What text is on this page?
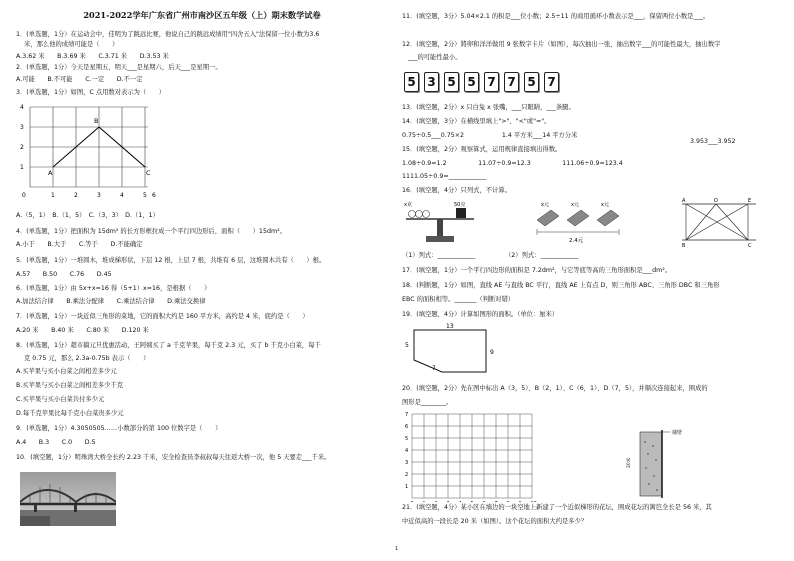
2021-2022学年广东省广州市南沙区五年级（上）期末数学试卷
1．(单选题，1分）在运动会中，佳明为了跳远比赛，他说自己的跳远成绩用"四舍五入"法保留一位小数为3.6
米，那么他的成绩可能是（　　）
A.3.62 米　　B.3.69 米　　C.3.71 米　　D.3.53 米
2．(单选题，1分）今天是星期五，明天___是星期六，后天___是星期一。
A.可能　　B.不可能　　C.一定　　D.不一定
3．(单选题，1分）如图，C 点用数对表示为（　　）
A
B
C
4
3
2
1
0	1	2	3	4	5 6
A.（5，1）　B.（1，5）　C.（3，3）　D.（1，1）
4．(单选题，1分）把面积为 15dm² 的长方形框拉成一个平行四边形后，面积（　　）15dm²。
A.小于　　B.大于　　C.等于　　D.不能确定
5．(单选题，1分）一堆圆木，堆成梯形状，下层 12 根，上层 7 根，共堆有 6 层，这堆圆木共有（　　）根。
A.57　　B.50　　C.76　　D.45
6．(单选题，1分）由 5x+x=16 得（5+1）x=16，是根据（　　）
A.加法结合律　　B.乘法分配律　　C.乘法结合律　　D.乘法交换律
7．(单选题，1分）一块近似三角形的菜地，它的面积大约是 160 平方米，高约是 4 米，底约是（　　）
A.20 米　　B.40 米　　C.80 米　　D.120 米
8．(单选题，1分）超市搞元旦优惠活动，王阿姨买了 a 千克苹果，每千克 2.3 元，买了 b 千克小白菜，每千
克 0.75 元，那么 2.3a-0.75b 表示（　　）
A.买苹果与买小白菜之间相差多少元
B.买苹果与买小白菜之间相差多少千克
C.买苹果与买小白菜共付多少元
D.每千克苹果比每千克小白菜贵多少元
9．(单选题，1分）4.3050505……小数部分的第 100 位数字是（　　）
A.4　　B.3　　C.0　　D.5
10．(填空题，1分）明珠湾大桥全长约 2.23 千米，安全检查员李叔叔每天往返大桥一次，他 5 天要走___千米。
11．(填空题，3分）5.04×2.1 的积是___位小数；2.5÷11 的商用循环小数表示是___，保留两位小数是___。
12．(填空题，2分）將卵和洋洋做用 9 张数字卡片（如图），每次抽出一张，抽出数字___的可能性最大，抽出数字
___的可能性最小。
5 3 5 5 7 7 5 7
13．(填空题，2分）x 只白兔 x 张嘴，___只眼睛，___条腿。
14．(填空题，3分）在横线里填上">"、"<"或"="。
0.75÷0.5___0.75×2　　　　　　1.4 平方米___14 平方分米
3.953___3.952
15．(填空题，2分）观察算式，运用规律直接填出得数。
1.08÷0.9=1.2　　　　　11.07÷0.9=12.3　　　　　111.06÷0.9=123.4
1111.05÷0.9=____________
16．(填空题，4分）只列式，不计算。
x克	50克	x元	x元	x元
2.4元
A	D	E
B	C
（1）列式：____________	（2）列式：____________
17．(填空题，1分）一个平行四边形的面积是 7.2dm²，与它等底等高的三角形面积是___dm²。
18．(判断题，1分）如图，直线 AE 与直线 BC 平行，直线 AE 上有点 D，则三角形 ABC、三角形 DBC 和三角形
EBC 的面积相等。_______（判断对错）
19．(填空题，4分）计算如图形的面积。（单位：厘米）
13
5
9
7
20．(填空题，2分）先在图中标出 A（3，5）、B（2，1）、C（6，1）、D（7，5），并顺次连接起来，围成的
图形是________。
7
6
5
4
3
2
1
墙壁
20米
21．(填空题，4分）某小区在墙边的一块空地上新建了一个近似梯形的花坛，围成花坛的篱笆全长是 56 米，其
中近似高的一段长是 20 米（如图）。这个花坛的面积大约是多少？
1
